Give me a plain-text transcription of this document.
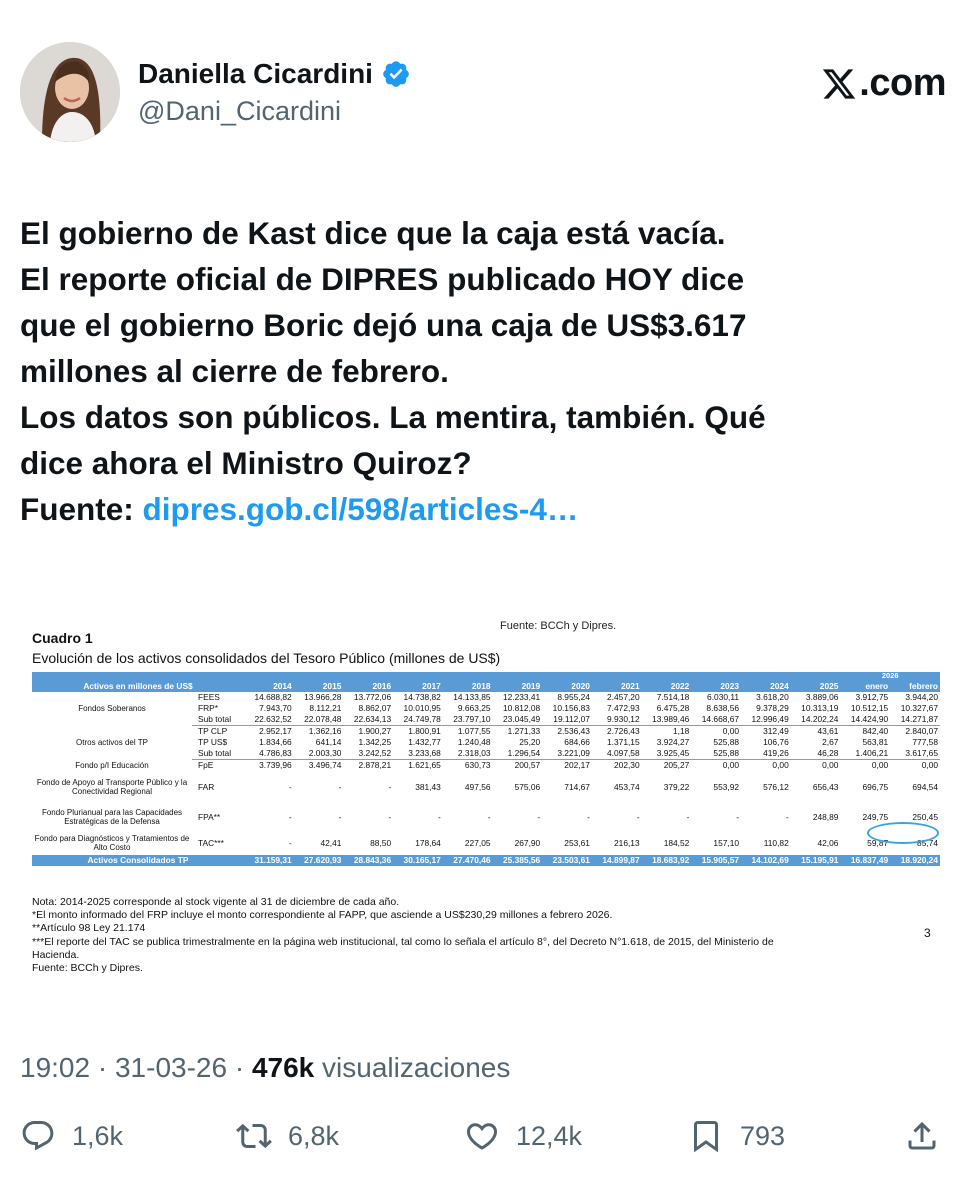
Daniella Cicardini
@Dani_Cicardini
.com
El gobierno de Kast dice que la caja está vacía.
El reporte oficial de DIPRES publicado HOY dice
que el gobierno Boric dejó una caja de US$3.617
millones al cierre de febrero.
Los datos son públicos. La mentira, también. Qué
dice ahora el Ministro Quiroz?
Fuente: dipres.gob.cl/598/articles-4…
Fuente: BCCh y Dipres.
Cuadro 1
Evolución de los activos consolidados del Tesoro Público (millones de US$)
														2026	
Activos en millones de US$		2014	2015	2016	2017	2018	2019	2020	2021	2022	2023	2024	2025	enero	febrero
Fondos Soberanos	FEES	14.688,82	13.966,28	13.772,06	14.738,82	14.133,85	12.233,41	8.955,24	2.457,20	7.514,18	6.030,11	3.618,20	3.889,06	3.912,75	3.944,20
	FRP*	7.943,70	8.112,21	8.862,07	10.010,95	9.663,25	10.812,08	10.156,83	7.472,93	6.475,28	8.638,56	9.378,29	10.313,19	10.512,15	10.327,67
	Sub total	22.632,52	22.078,48	22.634,13	24.749,78	23.797,10	23.045,49	19.112,07	9.930,12	13.989,46	14.668,67	12.996,49	14.202,24	14.424,90	14.271,87
Otros activos del TP	TP CLP	2.952,17	1.362,16	1.900,27	1.800,91	1.077,55	1.271,33	2.536,43	2.726,43	1,18	0,00	312,49	43,61	842,40	2.840,07
	TP US$	1.834,66	641,14	1.342,25	1.432,77	1.240,48	25,20	684,66	1.371,15	3.924,27	525,88	106,76	2,67	563,81	777,58
	Sub total	4.786,83	2.003,30	3.242,52	3.233,68	2.318,03	1.296,54	3.221,09	4.097,58	3.925,45	525,88	419,26	46,28	1.406,21	3.617,65
Fondo p/I Educación	FpE	3.739,96	3.496,74	2.878,21	1.621,65	630,73	200,57	202,17	202,30	205,27	0,00	0,00	0,00	0,00	0,00
Fondo de Apoyo al Transporte Público y la Conectividad Regional	FAR	-	-	-	381,43	497,56	575,06	714,67	453,74	379,22	553,92	576,12	656,43	696,75	694,54
Fondo Plurianual para las Capacidades Estratégicas de la Defensa	FPA**	-	-	-	-	-	-	-	-	-	-	-	248,89	249,75	250,45
Fondo para Diagnósticos y Tratamientos de Alto Costo	TAC***	-	42,41	88,50	178,64	227,05	267,90	253,61	216,13	184,52	157,10	110,82	42,06	59,87	85,74
Activos Consolidados TP		31.159,31	27.620,93	28.843,36	30.165,17	27.470,46	25.385,56	23.503,61	14.899,87	18.683,92	15.905,57	14.102,69	15.195,91	16.837,49	18.920,24
Nota: 2014-2025 corresponde al stock vigente al 31 de diciembre de cada año.
*El monto informado del FRP incluye el monto correspondiente al FAPP, que asciende a US$230,29 millones a febrero 2026.
**Artículo 98 Ley 21.174
***El reporte del TAC se publica trimestralmente en la página web institucional, tal como lo señala el artículo 8°, del Decreto N°1.618, de 2015, del Ministerio de
Hacienda.
Fuente: BCCh y Dipres.
3
19:02 · 31-03-26 · 476k visualizaciones
1,6k	6,8k	12,4k	793
